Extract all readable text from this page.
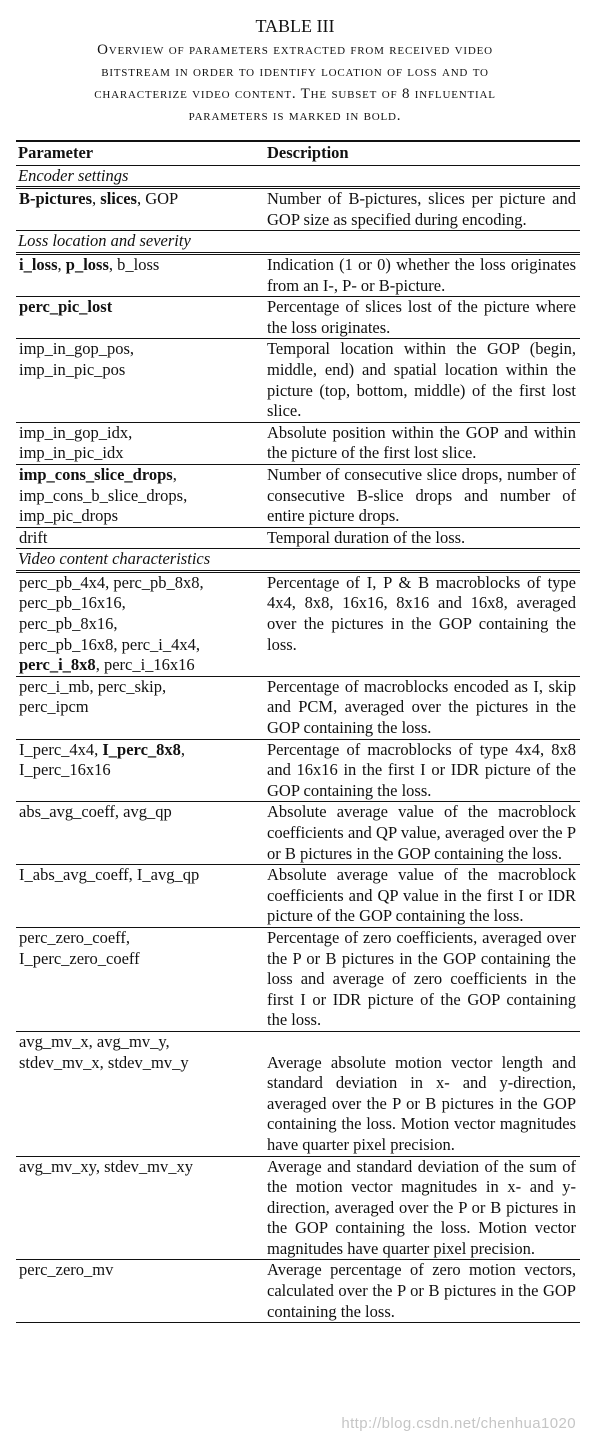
TABLE III
Overview of parameters extracted from received video
bitstream in order to identify location of loss and to
characterize video content. The subset of 8 influential
parameters is marked in bold.
Parameter	Description
Encoder settings	

B-pictures, slices, GOP	Number of B-pictures, slices per picture and GOP size as specified during encoding.
Loss location and severity	

i_loss, p_loss, b_loss	Indication (1 or 0) whether the loss originates from an I-, P- or B-picture.

perc_pic_lost	Percentage of slices lost of the picture where the loss originates.

imp_in_gop_pos,
imp_in_pic_pos	Temporal location within the GOP (begin, middle, end) and spatial location within the picture (top, bottom, middle) of the first lost slice.

imp_in_gop_idx,
imp_in_pic_idx	Absolute position within the GOP and within the picture of the first lost slice.

imp_cons_slice_drops,
imp_cons_b_slice_drops,
imp_pic_drops	Number of consecutive slice drops, number of consecutive B-slice drops and number of entire picture drops.

drift	Temporal duration of the loss.
Video content characteristics	

perc_pb_4x4, perc_pb_8x8,
perc_pb_16x16,
perc_pb_8x16,
perc_pb_16x8, perc_i_4x4,
perc_i_8x8, perc_i_16x16	Percentage of I, P & B macroblocks of type 4x4, 8x8, 16x16, 8x16 and 16x8, averaged over the pictures in the GOP containing the loss.

perc_i_mb, perc_skip,
perc_ipcm	Percentage of macroblocks encoded as I, skip and PCM, averaged over the pictures in the GOP containing the loss.

I_perc_4x4, I_perc_8x8,
I_perc_16x16	Percentage of macroblocks of type 4x4, 8x8 and 16x16 in the first I or IDR picture of the GOP containing the loss.

abs_avg_coeff, avg_qp	Absolute average value of the macroblock coefficients and QP value, averaged over the P or B pictures in the GOP containing the loss.

I_abs_avg_coeff, I_avg_qp	Absolute average value of the macroblock coefficients and QP value in the first I or IDR picture of the GOP containing the loss.

perc_zero_coeff,
I_perc_zero_coeff	Percentage of zero coefficients, averaged over the P or B pictures in the GOP containing the loss and average of zero coefficients in the first I or IDR picture of the GOP containing the loss.

avg_mv_x, avg_mv_y,
stdev_mv_x, stdev_mv_y	Average absolute motion vector length and standard deviation in x- and y-direction, averaged over the P or B pictures in the GOP containing the loss. Motion vector magnitudes have quarter pixel precision.

avg_mv_xy, stdev_mv_xy	Average and standard deviation of the sum of the motion vector magnitudes in x- and y-direction, averaged over the P or B pictures in the GOP containing the loss. Motion vector magnitudes have quarter pixel precision.

perc_zero_mv	Average percentage of zero motion vectors, calculated over the P or B pictures in the GOP containing the loss.
http://blog.csdn.net/chenhua1020
